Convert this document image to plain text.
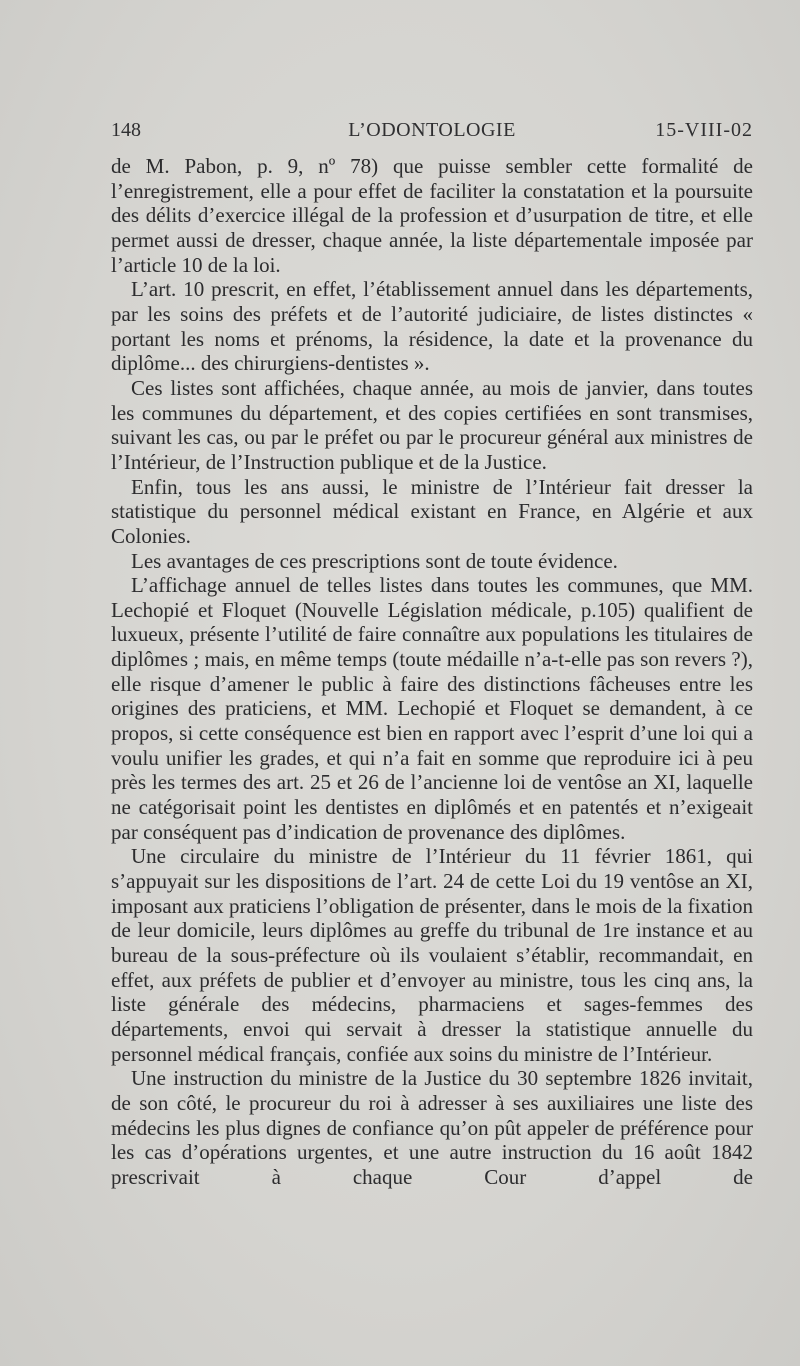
148	L’ODONTOLOGIE	15-VIII-02

de M. Pabon, p. 9, nº 78) que puisse sembler cette formalité de l’enregistrement, elle a pour effet de faciliter la constatation et la poursuite des délits d’exercice illégal de la profession et d’usurpation de titre, et elle permet aussi de dresser, chaque année, la liste départementale imposée par l’article 10 de la loi.

L’art. 10 prescrit, en effet, l’établissement annuel dans les départements, par les soins des préfets et de l’autorité judiciaire, de listes distinctes « portant les noms et prénoms, la résidence, la date et la provenance du diplôme... des chirurgiens-dentistes ».

Ces listes sont affichées, chaque année, au mois de janvier, dans toutes les communes du département, et des copies certifiées en sont transmises, suivant les cas, ou par le préfet ou par le procureur général aux ministres de l’Intérieur, de l’Instruction publique et de la Justice.

Enfin, tous les ans aussi, le ministre de l’Intérieur fait dresser la statistique du personnel médical existant en France, en Algérie et aux Colonies.

Les avantages de ces prescriptions sont de toute évidence.

L’affichage annuel de telles listes dans toutes les communes, que MM. Lechopié et Floquet (Nouvelle Législation médicale, p.105) qualifient de luxueux, présente l’utilité de faire connaître aux populations les titulaires de diplômes ; mais, en même temps (toute médaille n’a-t-elle pas son revers ?), elle risque d’amener le public à faire des distinctions fâcheuses entre les origines des praticiens, et MM. Lechopié et Floquet se demandent, à ce propos, si cette conséquence est bien en rapport avec l’esprit d’une loi qui a voulu unifier les grades, et qui n’a fait en somme que reproduire ici à peu près les termes des art. 25 et 26 de l’ancienne loi de ventôse an XI, laquelle ne catégorisait point les dentistes en diplômés et en patentés et n’exigeait par conséquent pas d’indication de provenance des diplômes.

Une circulaire du ministre de l’Intérieur du 11 février 1861, qui s’appuyait sur les dispositions de l’art. 24 de cette Loi du 19 ventôse an XI, imposant aux praticiens l’obligation de présenter, dans le mois de la fixation de leur domicile, leurs diplômes au greffe du tribunal de 1re instance et au bureau de la sous-préfecture où ils voulaient s’établir, recommandait, en effet, aux préfets de publier et d’envoyer au ministre, tous les cinq ans, la liste générale des médecins, pharmaciens et sages-femmes des départements, envoi qui servait à dresser la statistique annuelle du personnel médical français, confiée aux soins du ministre de l’Intérieur.

Une instruction du ministre de la Justice du 30 septembre 1826 invitait, de son côté, le procureur du roi à adresser à ses auxiliaires une liste des médecins les plus dignes de confiance qu’on pût appeler de préférence pour les cas d’opérations urgentes, et une autre instruction du 16 août 1842 prescrivait à chaque Cour d’appel de
